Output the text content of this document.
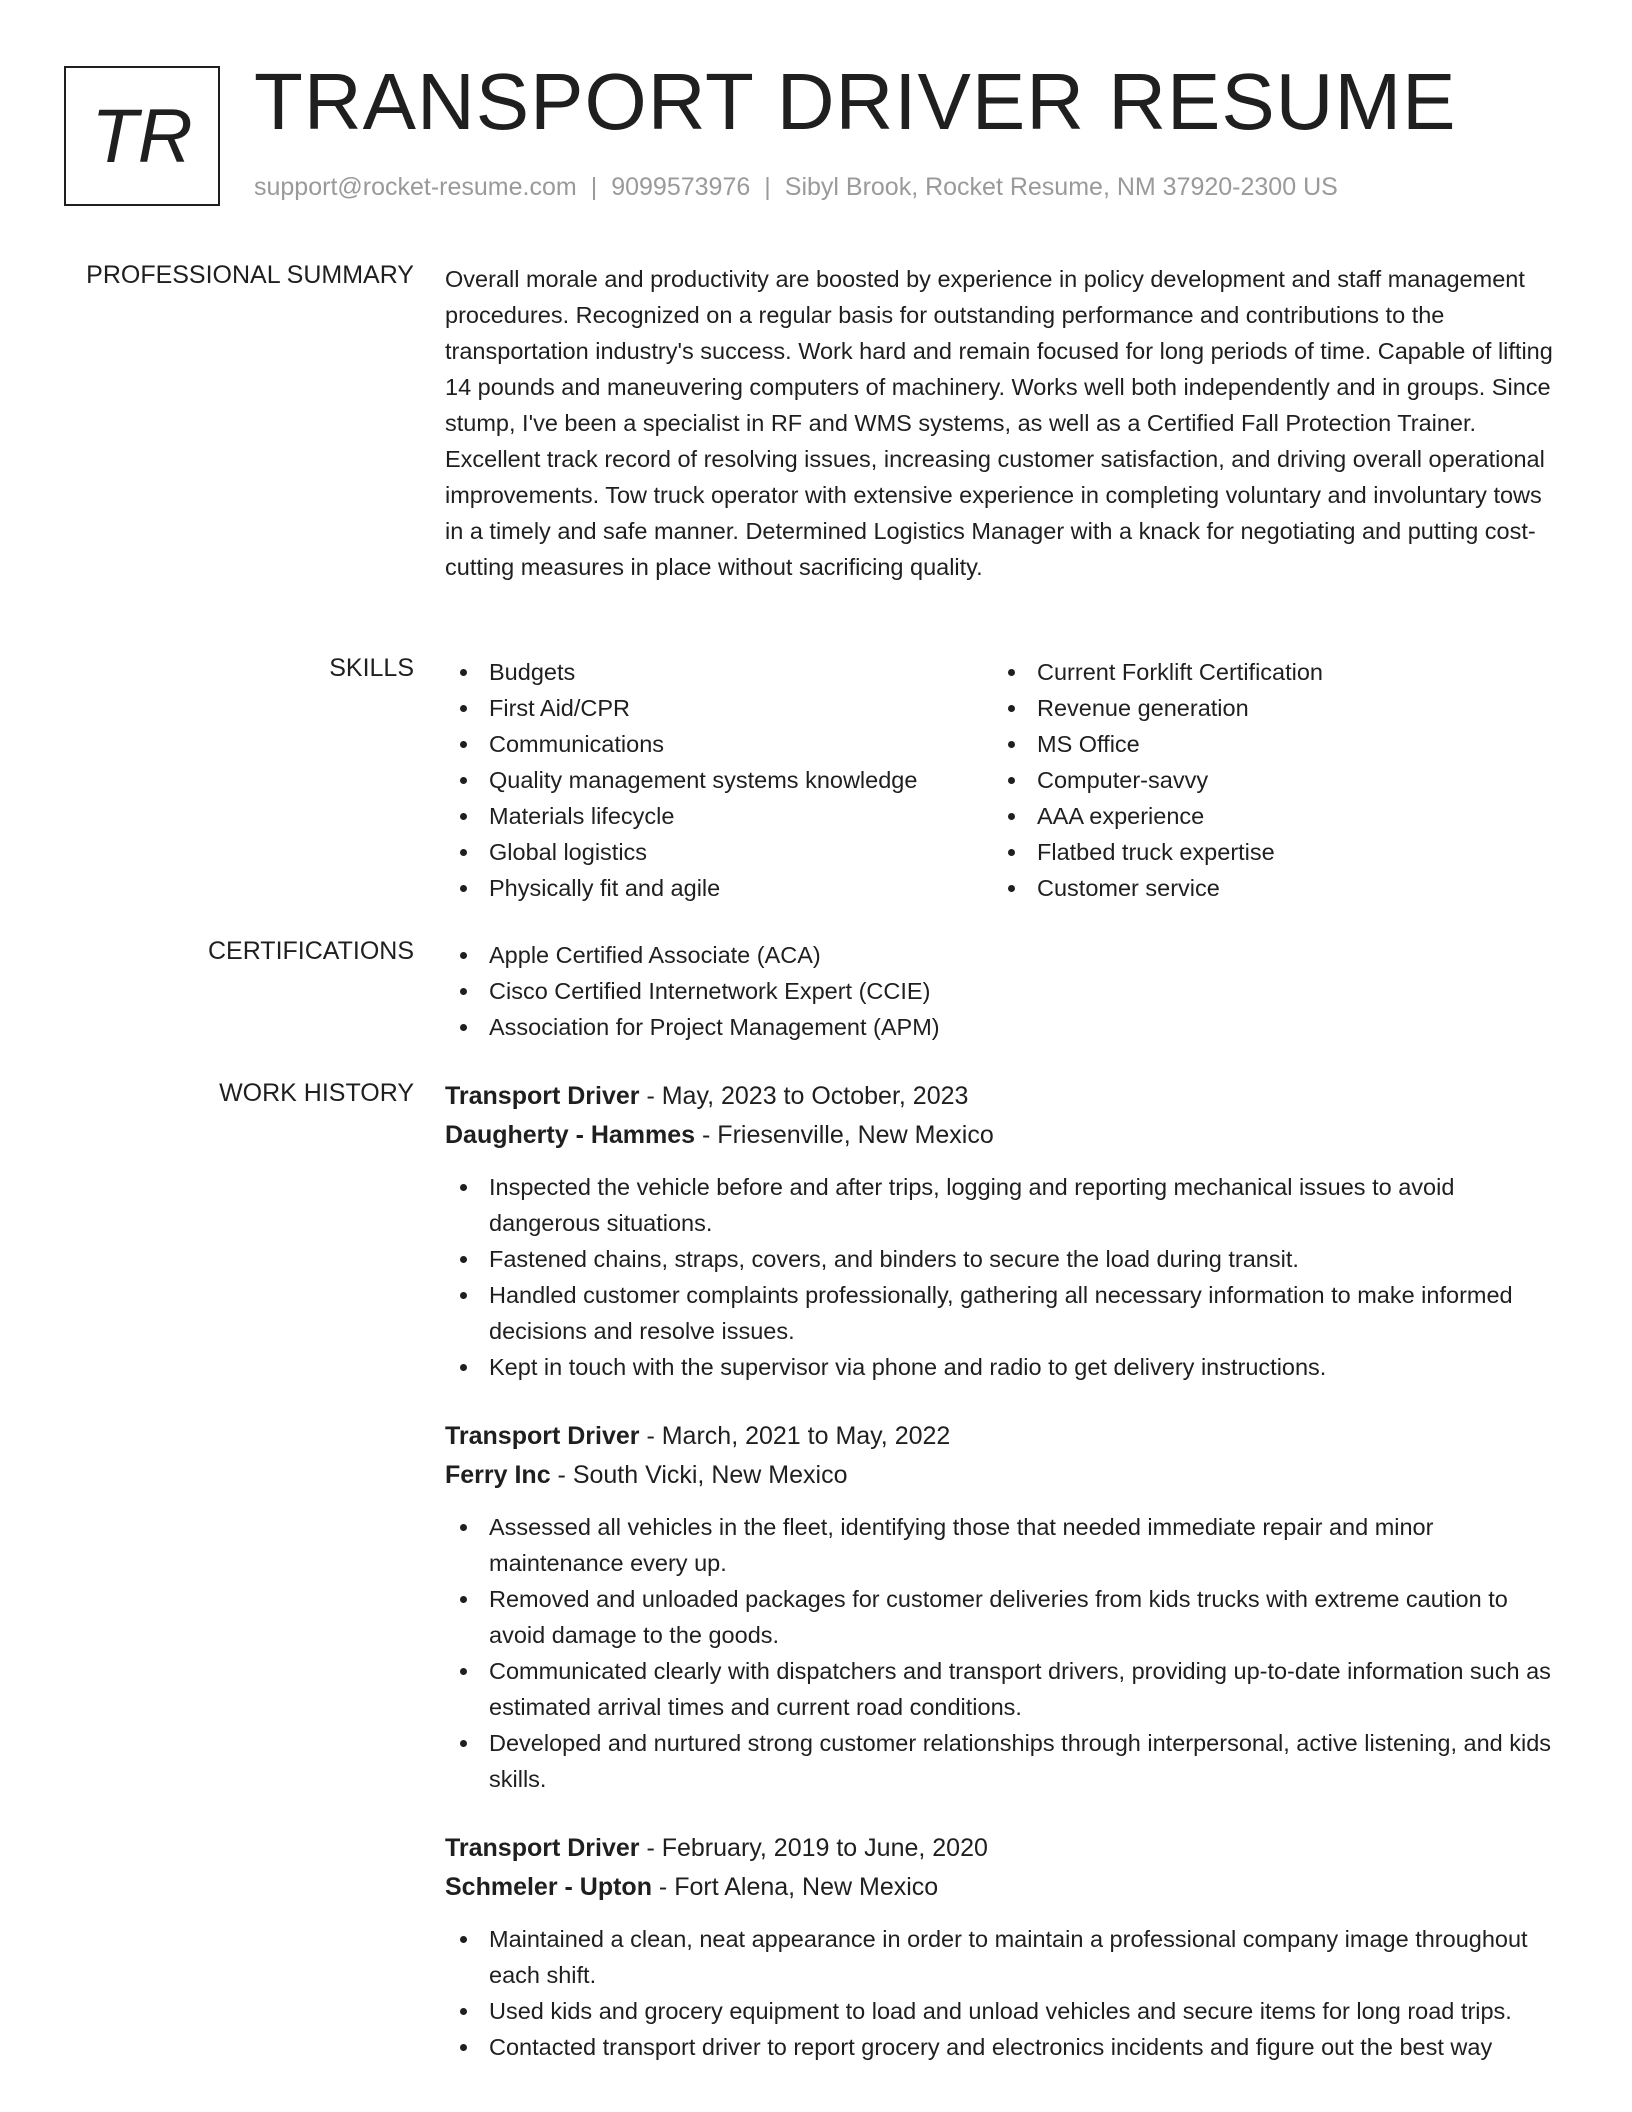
TR TRANSPORT DRIVER RESUME
support@rocket-resume.com | 9099573976 | Sibyl Brook, Rocket Resume, NM 37920-2300 US
PROFESSIONAL SUMMARY Overall morale and productivity are boosted by experience in policy development and staff management procedures. Recognized on a regular basis for outstanding performance and contributions to the transportation industry's success. Work hard and remain focused for long periods of time. Capable of lifting 14 pounds and maneuvering computers of machinery. Works well both independently and in groups. Since stump, I've been a specialist in RF and WMS systems, as well as a Certified Fall Protection Trainer. Excellent track record of resolving issues, increasing customer satisfaction, and driving overall operational improvements. Tow truck operator with extensive experience in completing voluntary and involuntary tows in a timely and safe manner. Determined Logistics Manager with a knack for negotiating and putting cost-cutting measures in place without sacrificing quality.

SKILLS	Budgets
First Aid/CPR
Communications
Quality management systems knowledge
Materials lifecycle
Global logistics
Physically fit and agile
Current Forklift Certification
Revenue generation
MS Office
Computer-savvy
AAA experience
Flatbed truck expertise
Customer service
CERTIFICATIONS	Apple Certified Associate (ACA)
Cisco Certified Internetwork Expert (CCIE)
Association for Project Management (APM)
WORK HISTORY Transport Driver - May, 2023 to October, 2023
Daugherty - Hammes - Friesenville, New Mexico
Inspected the vehicle before and after trips, logging and reporting mechanical issues to avoid dangerous situations.
Fastened chains, straps, covers, and binders to secure the load during transit.
Handled customer complaints professionally, gathering all necessary information to make informed decisions and resolve issues.
Kept in touch with the supervisor via phone and radio to get delivery instructions.
Transport Driver - March, 2021 to May, 2022
Ferry Inc - South Vicki, New Mexico
Assessed all vehicles in the fleet, identifying those that needed immediate repair and minor maintenance every up.
Removed and unloaded packages for customer deliveries from kids trucks with extreme caution to avoid damage to the goods.
Communicated clearly with dispatchers and transport drivers, providing up-to-date information such as estimated arrival times and current road conditions.
Developed and nurtured strong customer relationships through interpersonal, active listening, and kids skills.
Transport Driver - February, 2019 to June, 2020
Schmeler - Upton - Fort Alena, New Mexico
Maintained a clean, neat appearance in order to maintain a professional company image throughout each shift.
Used kids and grocery equipment to load and unload vehicles and secure items for long road trips.
Contacted transport driver to report grocery and electronics incidents and figure out the best way
